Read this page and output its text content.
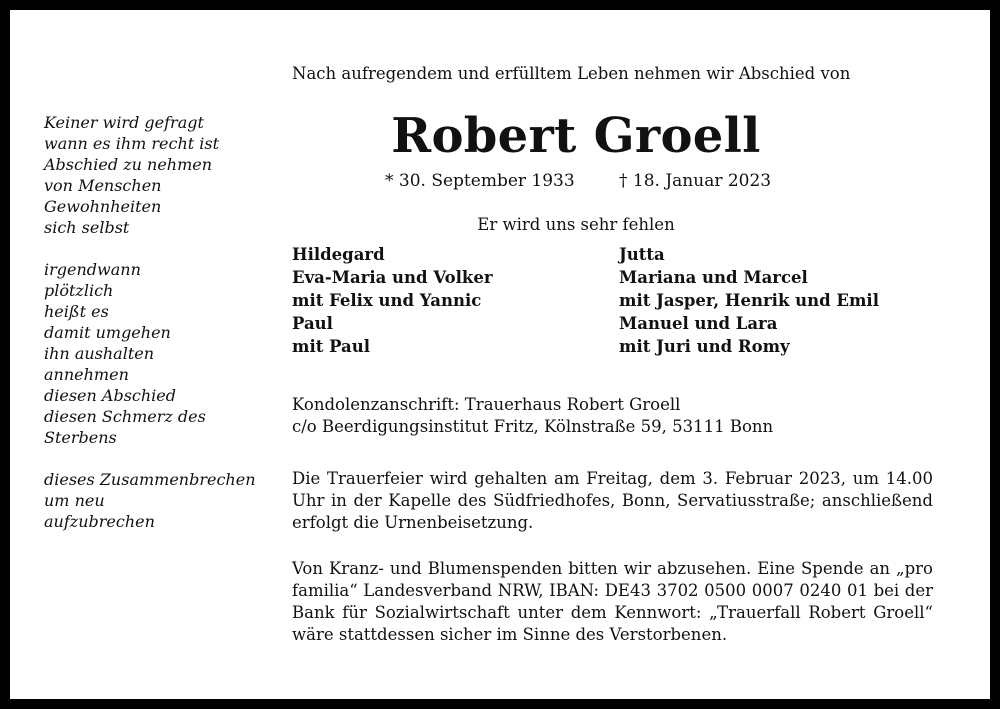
Keiner wird gefragt
wann es ihm recht ist
Abschied zu nehmen
von Menschen
Gewohnheiten
sich selbst
irgendwann
plötzlich
heißt es
damit umgehen
ihn aushalten
annehmen
diesen Abschied
diesen Schmerz des
Sterbens
dieses Zusammenbrechen
um neu
aufzubrechen
Nach aufregendem und erfülltem Leben nehmen wir Abschied von
Robert Groell
* 30. September 1933	† 18. Januar 2023
Er wird uns sehr fehlen
Hildegard
Eva-Maria und Volker
mit Felix und Yannic
Paul
mit Paul
Jutta
Mariana und Marcel
mit Jasper, Henrik und Emil
Manuel und Lara
mit Juri und Romy
Kondolenzanschrift: Trauerhaus Robert Groell
c/o Beerdigungsinstitut Fritz, Kölnstraße 59, 53111 Bonn
Die Trauerfeier wird gehalten am Freitag, dem 3. Februar 2023, um 14.00 Uhr in der Kapelle des Südfriedhofes, Bonn, Servatiusstraße; anschließend erfolgt die Urnenbeisetzung.
Von Kranz- und Blumenspenden bitten wir abzusehen. Eine Spende an „pro familia“ Landesverband NRW, IBAN: DE43 3702 0500 0007 0240 01 bei der Bank für Sozialwirtschaft unter dem Kennwort: „Trauerfall Robert Groell“ wäre stattdessen sicher im Sinne des Verstorbenen.
